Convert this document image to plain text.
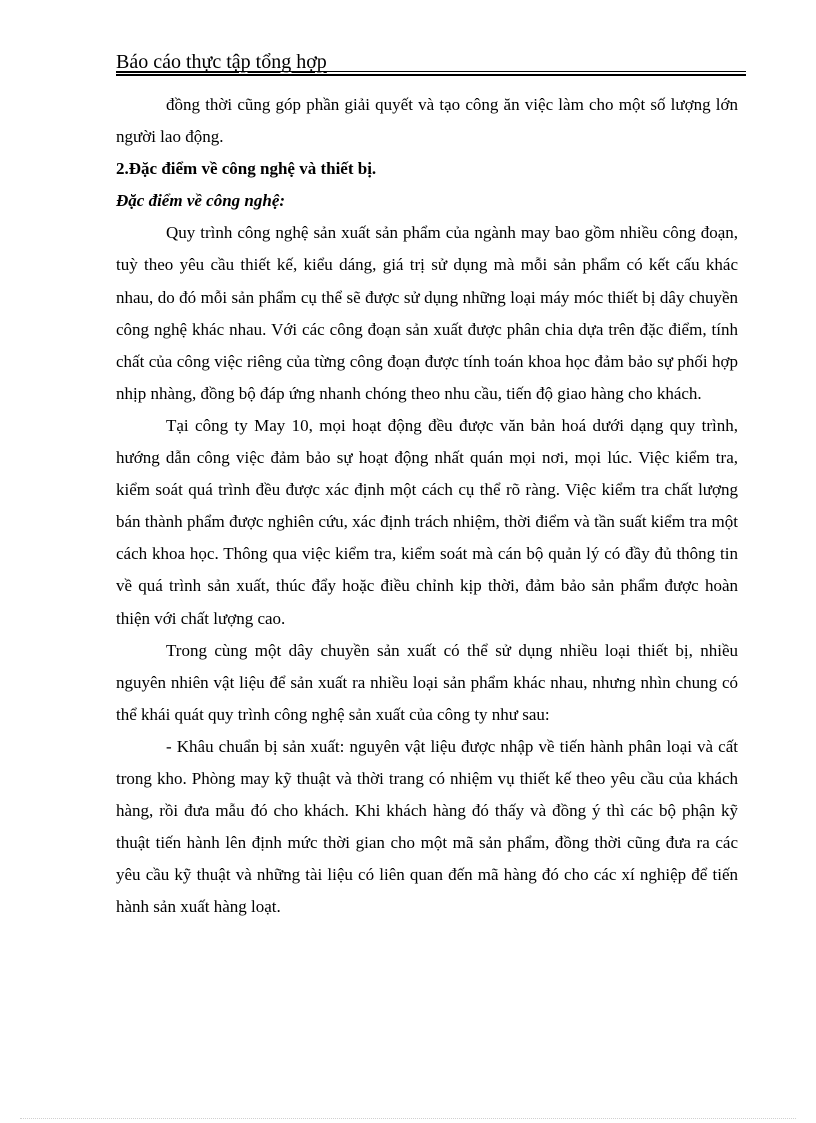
Báo cáo thực tập tổng hợp

đồng thời cũng góp phần giải quyết và tạo công ăn việc làm cho một số lượng lớn người lao động.

2.Đặc điểm về công nghệ và thiết bị.

Đặc điểm về công nghệ:

Quy trình công nghệ sản xuất sản phẩm của ngành may bao gồm nhiều công đoạn, tuỳ theo yêu cầu thiết kế, kiểu dáng, giá trị sử dụng mà mỗi sản phẩm có kết cấu khác nhau, do đó mỗi sản phẩm cụ thể sẽ được sử dụng những loại máy móc thiết bị dây chuyền công nghệ khác nhau. Với các công đoạn sản xuất được phân chia dựa trên đặc điểm, tính chất của công việc riêng của từng công đoạn được tính toán khoa học đảm bảo sự phối hợp nhịp nhàng, đồng bộ đáp ứng nhanh chóng theo nhu cầu, tiến độ giao hàng cho khách.

Tại công ty May 10, mọi hoạt động đều được văn bản hoá dưới dạng quy trình, hướng dẫn công việc đảm bảo sự hoạt động nhất quán mọi nơi, mọi lúc. Việc kiểm tra, kiểm soát quá trình đều được xác định một cách cụ thể rõ ràng. Việc kiểm tra chất lượng bán thành phẩm được nghiên cứu, xác định trách nhiệm, thời điểm và tần suất kiểm tra một cách khoa học. Thông qua việc kiểm tra, kiểm soát mà cán bộ quản lý có đầy đủ thông tin về quá trình sản xuất, thúc đẩy hoặc điều chỉnh kịp thời, đảm bảo sản phẩm được hoàn thiện với chất lượng cao.

Trong cùng một dây chuyền sản xuất có thể sử dụng nhiều loại thiết bị, nhiều nguyên nhiên vật liệu để sản xuất ra nhiều loại sản phẩm khác nhau, nhưng nhìn chung có thể khái quát quy trình công nghệ sản xuất của công ty như sau:

- Khâu chuẩn bị sản xuất: nguyên vật liệu được nhập về tiến hành phân loại và cất trong kho. Phòng may kỹ thuật và thời trang có nhiệm vụ thiết kế theo yêu cầu của khách hàng, rồi đưa mẫu đó cho khách. Khi khách hàng đó thấy và đồng ý thì các bộ phận kỹ thuật tiến hành lên định mức thời gian cho một mã sản phẩm, đồng thời cũng đưa ra các yêu cầu kỹ thuật và những tài liệu có liên quan đến mã hàng đó cho các xí nghiệp để tiến hành sản xuất hàng loạt.
